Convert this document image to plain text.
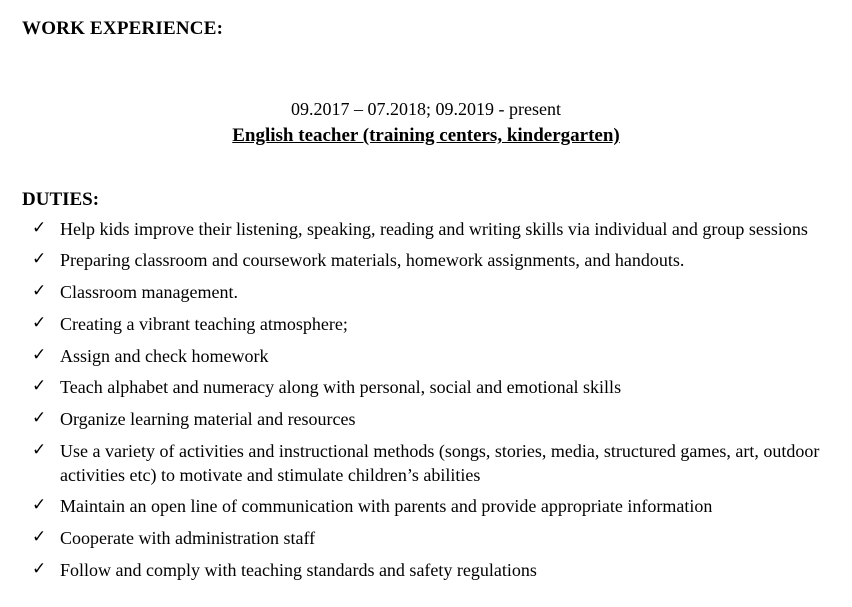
WORK EXPERIENCE:
09.2017 – 07.2018; 09.2019 - present
English teacher (training centers, kindergarten)
DUTIES:
✓ Help kids improve their listening, speaking, reading and writing skills via individual and group sessions
✓ Preparing classroom and coursework materials, homework assignments, and handouts.
✓ Classroom management.
✓ Creating a vibrant teaching atmosphere;
✓ Assign and check homework
✓ Teach alphabet and numeracy along with personal, social and emotional skills
✓ Organize learning material and resources
✓ Use a variety of activities and instructional methods (songs, stories, media, structured games, art, outdoor activities etc) to motivate and stimulate children’s abilities
✓ Maintain an open line of communication with parents and provide appropriate information
✓ Cooperate with administration staff
✓ Follow and comply with teaching standards and safety regulations
